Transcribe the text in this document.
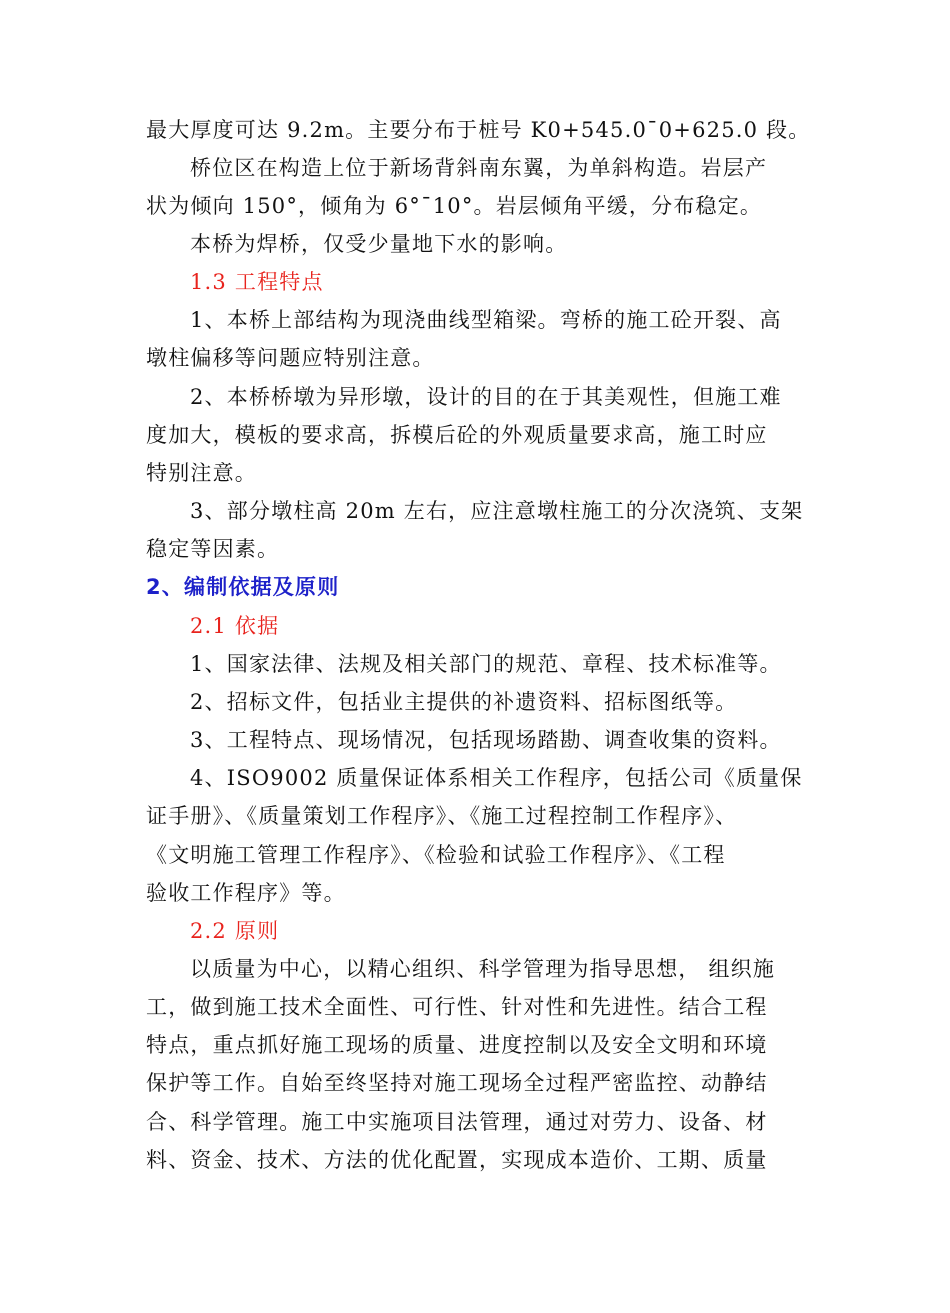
最大厚度可达 9.2m。主要分布于桩号 K0+545.0¯0+625.0 段。
桥位区在构造上位于新场背斜南东翼，为单斜构造。岩层产
状为倾向 150°，倾角为 6°¯10°。岩层倾角平缓，分布稳定。
本桥为焊桥，仅受少量地下水的影响。
1.3 工程特点
1、本桥上部结构为现浇曲线型箱梁。弯桥的施工砼开裂、高
墩柱偏移等问题应特别注意。
2、本桥桥墩为异形墩，设计的目的在于其美观性，但施工难
度加大，模板的要求高，拆模后砼的外观质量要求高，施工时应
特别注意。
3、部分墩柱高 20m 左右，应注意墩柱施工的分次浇筑、支架
稳定等因素。
2、编制依据及原则
2.1 依据
1、国家法律、法规及相关部门的规范、章程、技术标准等。
2、招标文件，包括业主提供的补遗资料、招标图纸等。
3、工程特点、现场情况，包括现场踏勘、调查收集的资料。
4、ISO9002 质量保证体系相关工作程序，包括公司《质量保
证手册》、《质量策划工作程序》、《施工过程控制工作程序》、
《文明施工管理工作程序》、《检验和试验工作程序》、《工程
验收工作程序》等。
2.2 原则
以质量为中心，以精心组织、科学管理为指导思想， 组织施
工，做到施工技术全面性、可行性、针对性和先进性。结合工程
特点，重点抓好施工现场的质量、进度控制以及安全文明和环境
保护等工作。自始至终坚持对施工现场全过程严密监控、动静结
合、科学管理。施工中实施项目法管理，通过对劳力、设备、材
料、资金、技术、方法的优化配置，实现成本造价、工期、质量
